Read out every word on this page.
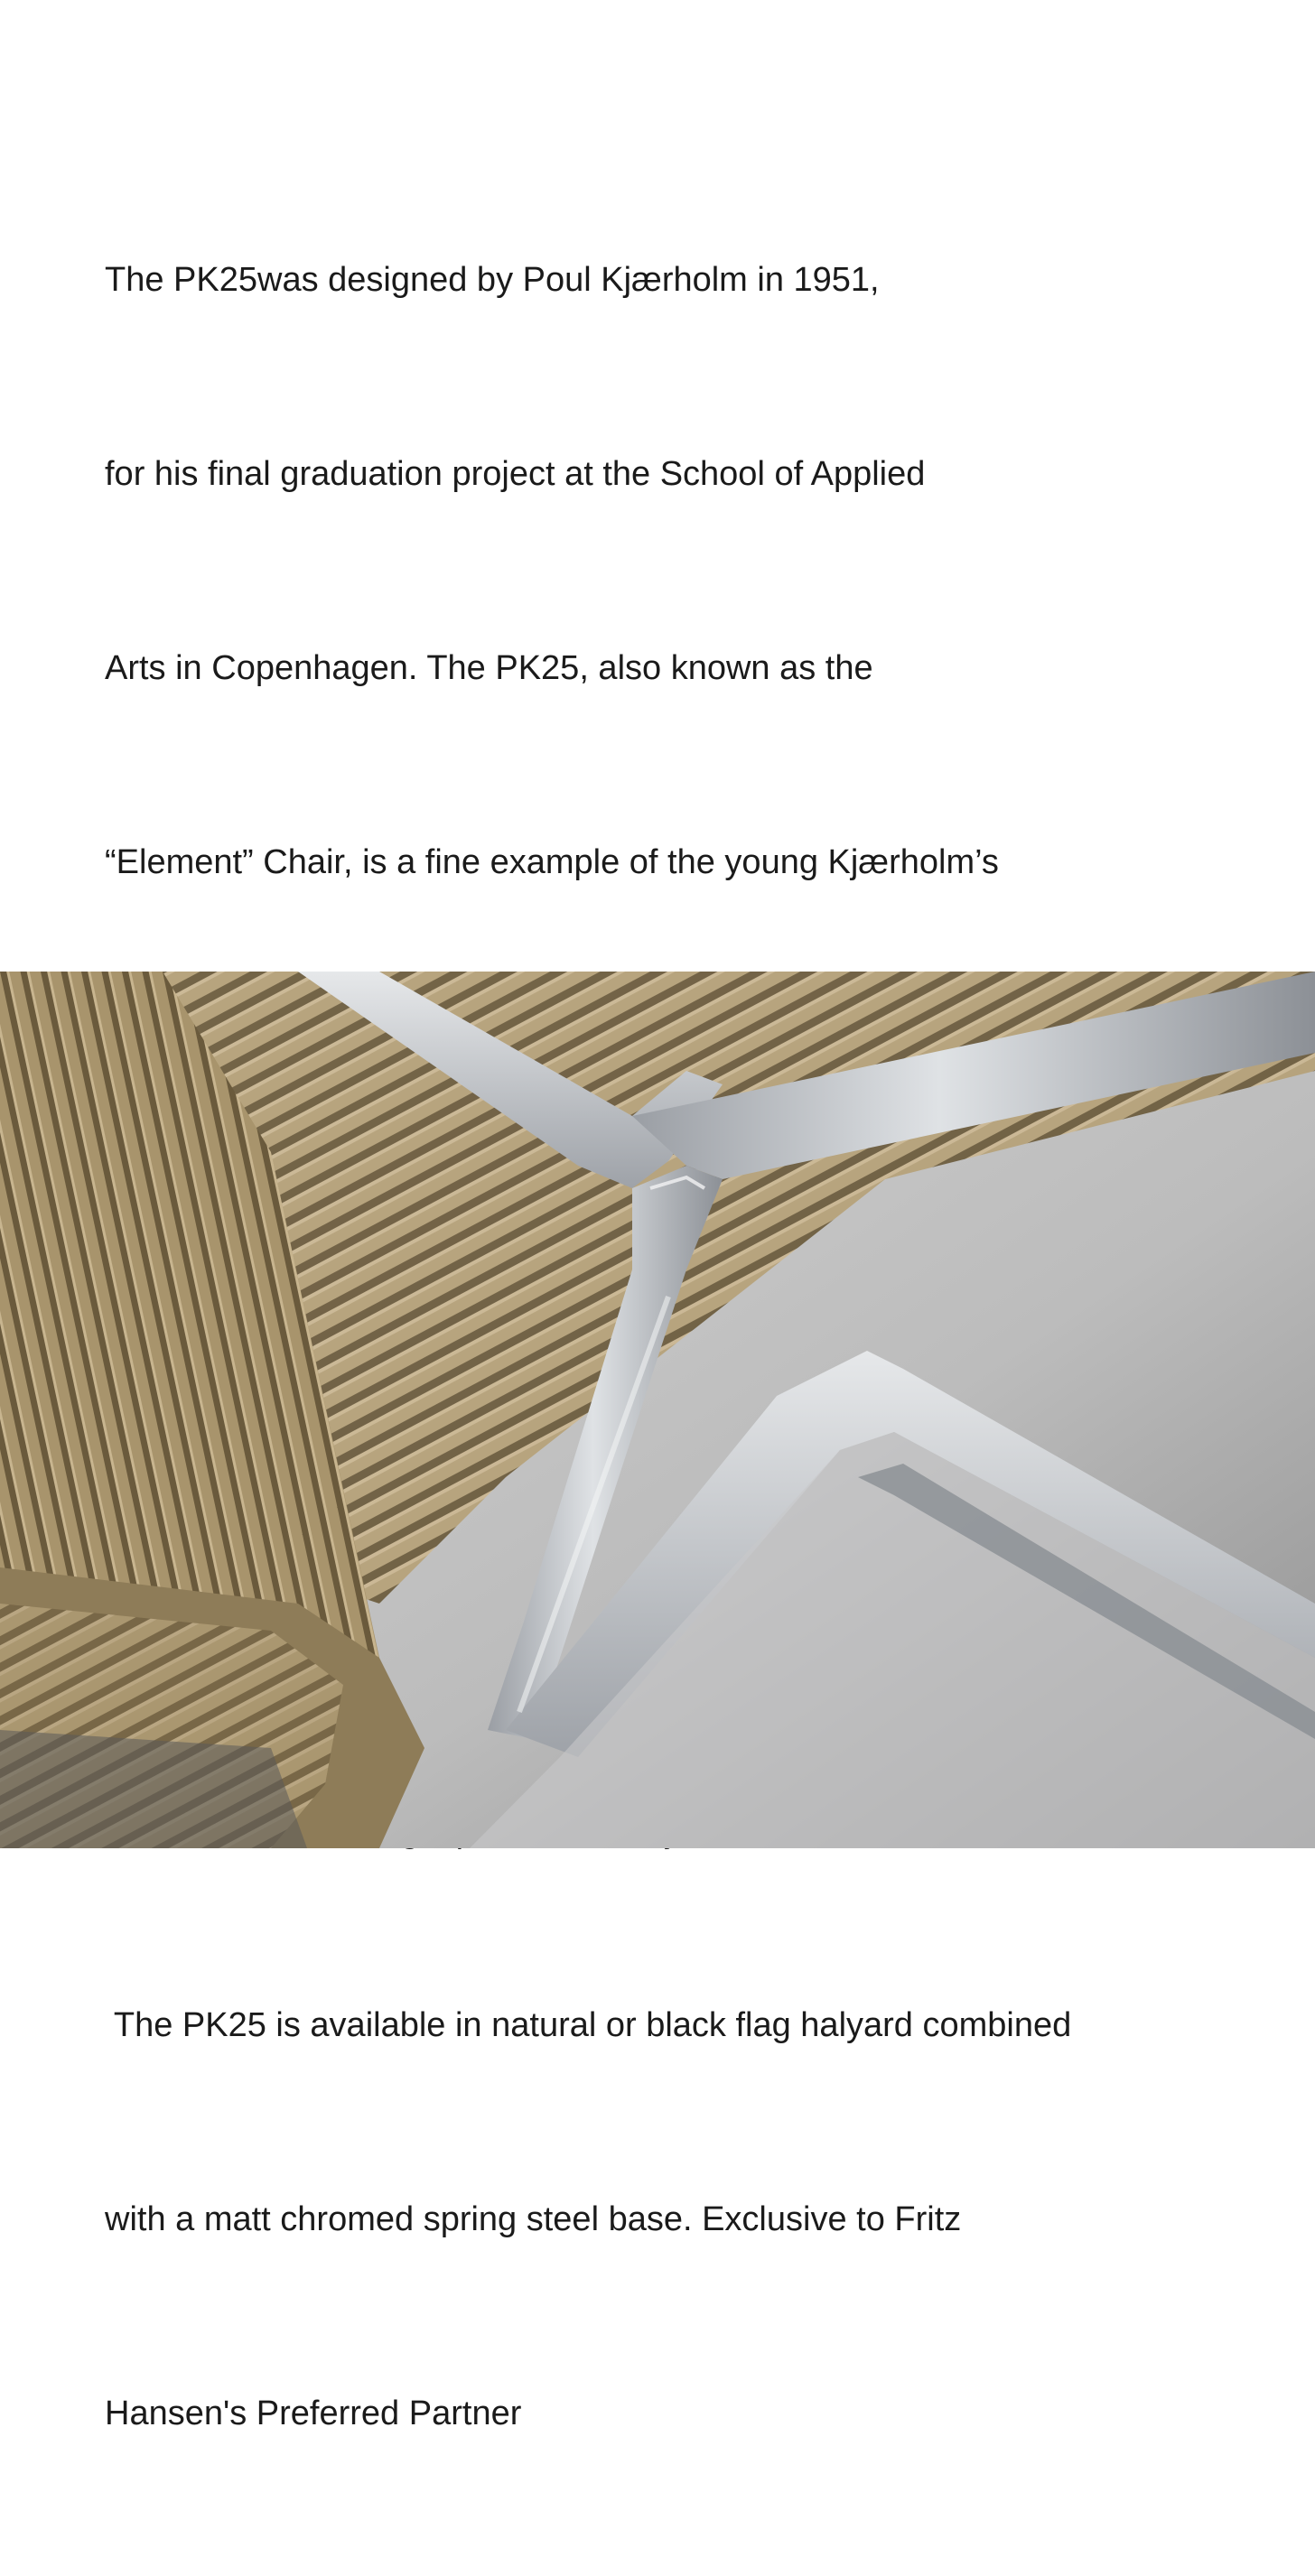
The PK25was designed by Poul Kjærholm in 1951,

for his final graduation project at the School of Applied

Arts in Copenhagen. The PK25, also known as the

“Element” Chair, is a fine example of the young Kjærholm’s

The PK25 is available in natural or black flag halyard combined

with a matt chromed spring steel base. Exclusive to Fritz

Hansen's Preferred Partner
